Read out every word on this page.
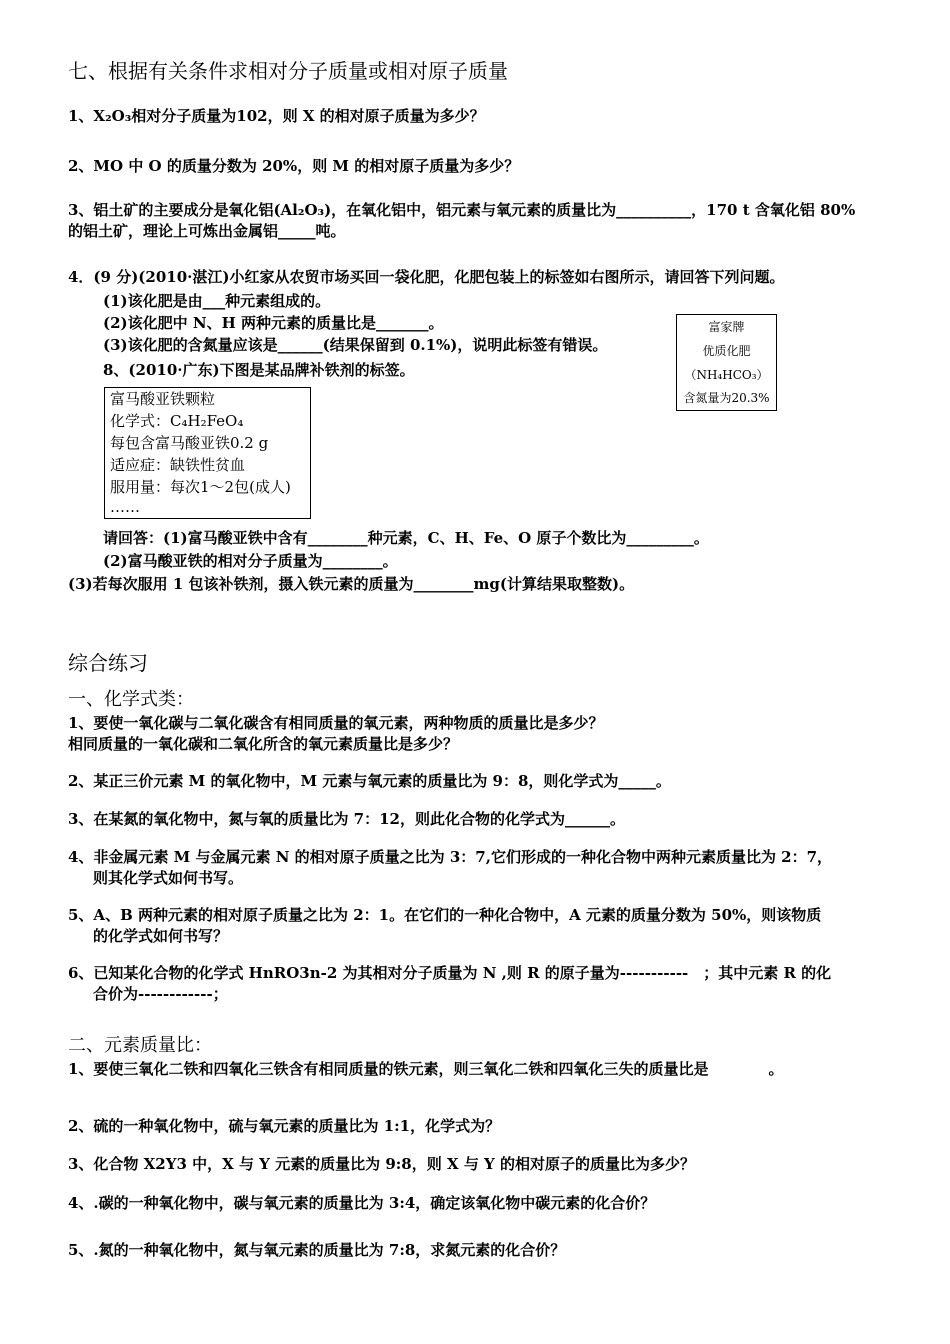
七、根据有关条件求相对分子质量或相对原子质量
1、X₂O₃相对分子质量为102，则 X 的相对原子质量为多少？
2、MO 中 O 的质量分数为 20%，则 M 的相对原子质量为多少？
3、铝土矿的主要成分是氧化铝(Al₂O₃)，在氧化铝中，铝元素与氧元素的质量比为__________，170 t 含氧化铝 80%
的铝土矿，理论上可炼出金属铝_____吨。
4．(9 分)(2010·湛江)小红家从农贸市场买回一袋化肥，化肥包装上的标签如右图所示，请回答下列问题。
(1)该化肥是由___种元素组成的。
(2)该化肥中 N、H 两种元素的质量比是_______。
(3)该化肥的含氮量应该是______(结果保留到 0.1%)，说明此标签有错误。
8、(2010·广东)下图是某品牌补铁剂的标签。
富家牌
优质化肥
（NH₄HCO₃）
含氮量为20.3%
富马酸亚铁颗粒
化学式：C₄H₂FeO₄
每包含富马酸亚铁0.2 g
适应症：缺铁性贫血
服用量：每次1～2包(成人)
……
请回答：(1)富马酸亚铁中含有________种元素，C、H、Fe、O 原子个数比为_________。
(2)富马酸亚铁的相对分子质量为________。
(3)若每次服用 1 包该补铁剂，摄入铁元素的质量为________mg(计算结果取整数)。
综合练习
一、化学式类：
1、要使一氧化碳与二氧化碳含有相同质量的氧元素，两种物质的质量比是多少？
相同质量的一氧化碳和二氧化所含的氧元素质量比是多少？
2、某正三价元素 M 的氧化物中，M 元素与氧元素的质量比为 9：8，则化学式为_____。
3、在某氮的氧化物中，氮与氧的质量比为 7：12，则此化合物的化学式为______。
4、非金属元素 M 与金属元素 N 的相对原子质量之比为 3：7,它们形成的一种化合物中两种元素质量比为 2：7，
则其化学式如何书写。
5、A、B 两种元素的相对原子质量之比为 2：1。在它们的一种化合物中，A 元素的质量分数为 50%，则该物质
的化学式如何书写？
6、已知某化合物的化学式 HnRO3n-2 为其相对分子质量为 N ,则 R 的原子量为-----------　；其中元素 R 的化
合价为------------；
二、元素质量比：
1、要使三氧化二铁和四氧化三铁含有相同质量的铁元素，则三氧化二铁和四氧化三失的质量比是　　　　。
2、硫的一种氧化物中，硫与氧元素的质量比为 1:1，化学式为？
3、化合物 X2Y3 中，X 与 Y 元素的质量比为 9:8，则 X 与 Y 的相对原子的质量比为多少？
4、.碳的一种氧化物中，碳与氧元素的质量比为 3:4，确定该氧化物中碳元素的化合价？
5、.氮的一种氧化物中，氮与氧元素的质量比为 7:8，求氮元素的化合价？
